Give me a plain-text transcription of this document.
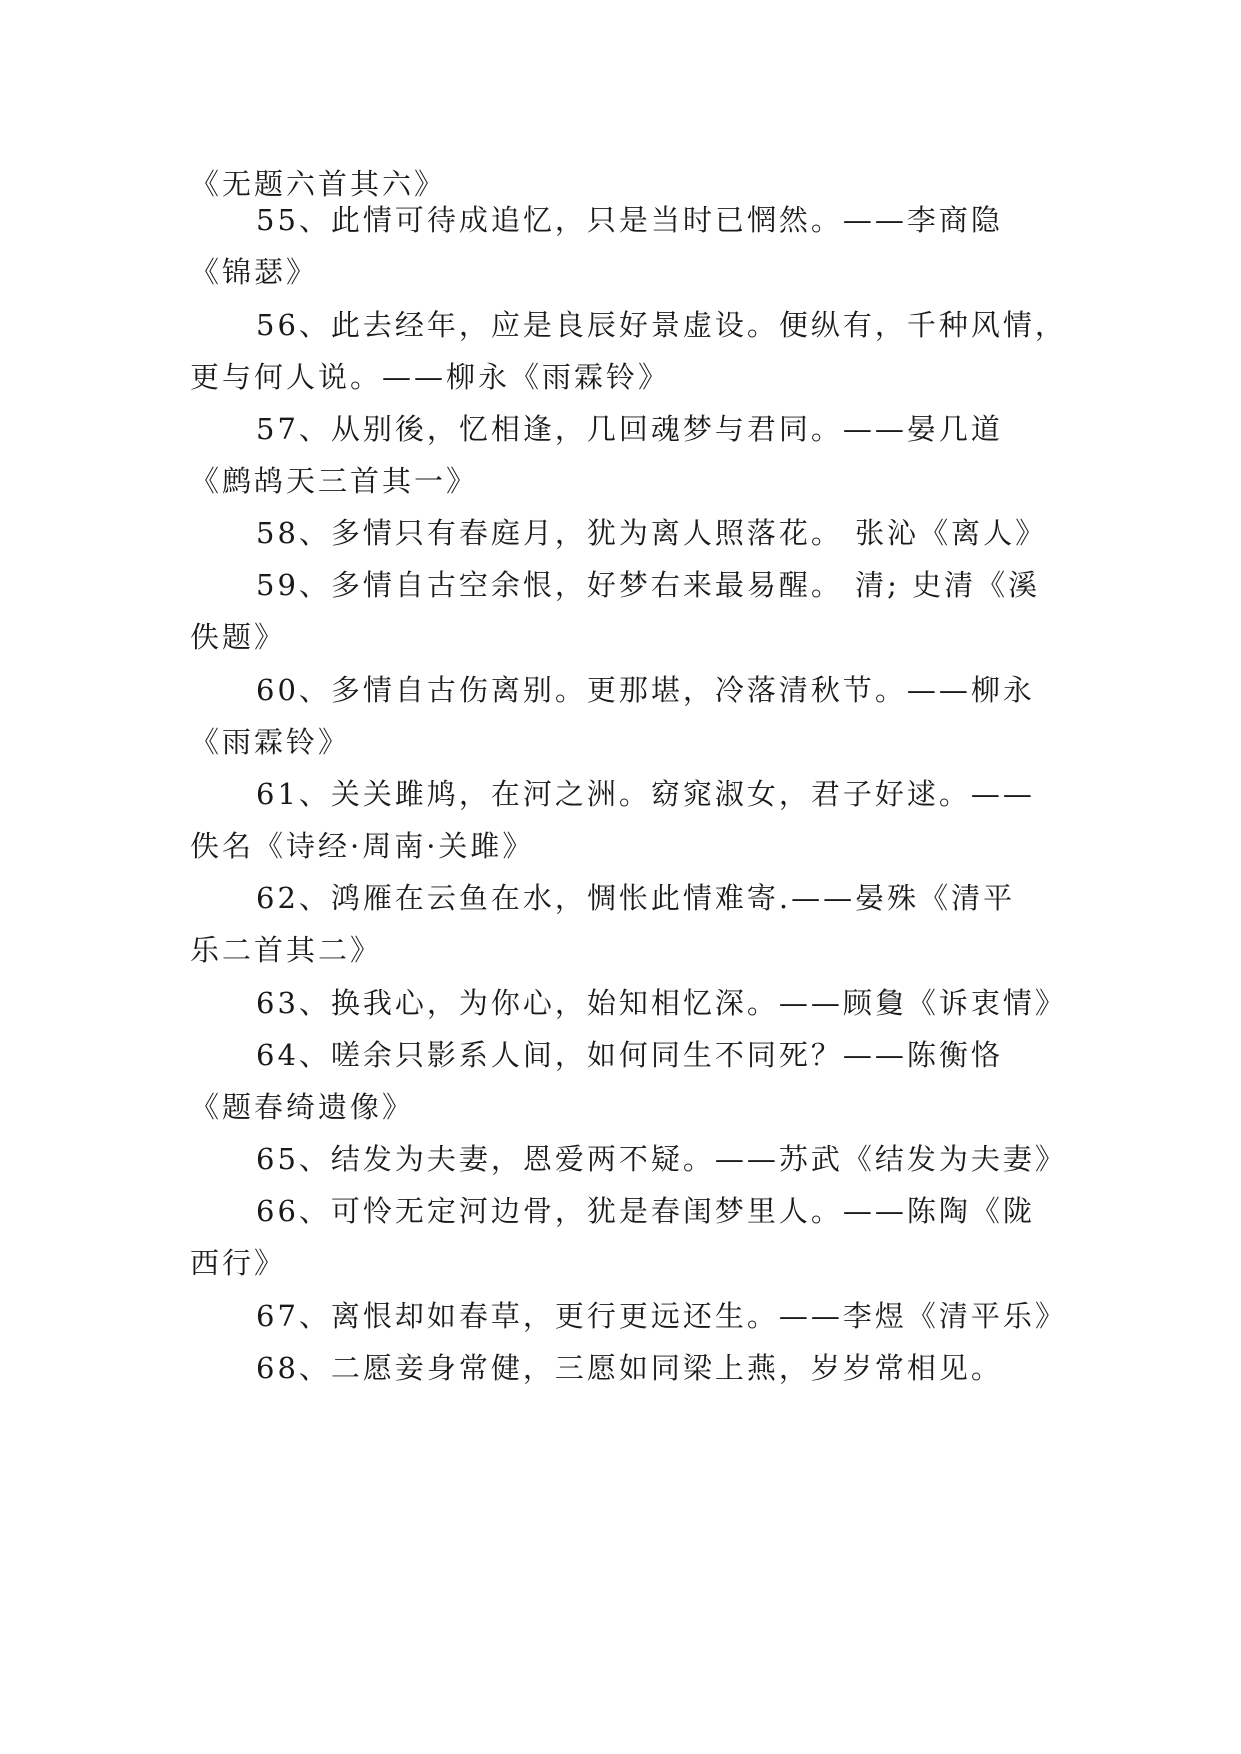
《无题六首其六》
55、此情可待成追忆，只是当时已惘然。——李商隐
《锦瑟》
56、此去经年，应是良辰好景虚设。便纵有，千种风情，
更与何人说。——柳永《雨霖铃》
57、从别後，忆相逢，几回魂梦与君同。——晏几道
《鹧鸪天三首其一》
58、多情只有春庭月，犹为离人照落花。 张沁《离人》
59、多情自古空余恨，好梦右来最易醒。 清; 史清《溪
佚题》
60、多情自古伤离别。更那堪，冷落清秋节。——柳永
《雨霖铃》
61、关关雎鸠，在河之洲。窈窕淑女，君子好逑。——
佚名《诗经·周南·关雎》
62、鸿雁在云鱼在水，惆怅此情难寄.——晏殊《清平
乐二首其二》
63、换我心，为你心，始知相忆深。——顾敻《诉衷情》
64、嗟余只影系人间，如何同生不同死？——陈衡恪
《题春绮遗像》
65、结发为夫妻，恩爱两不疑。——苏武《结发为夫妻》
66、可怜无定河边骨，犹是春闺梦里人。——陈陶《陇
西行》
67、离恨却如春草，更行更远还生。——李煜《清平乐》
68、二愿妾身常健，三愿如同梁上燕，岁岁常相见。
